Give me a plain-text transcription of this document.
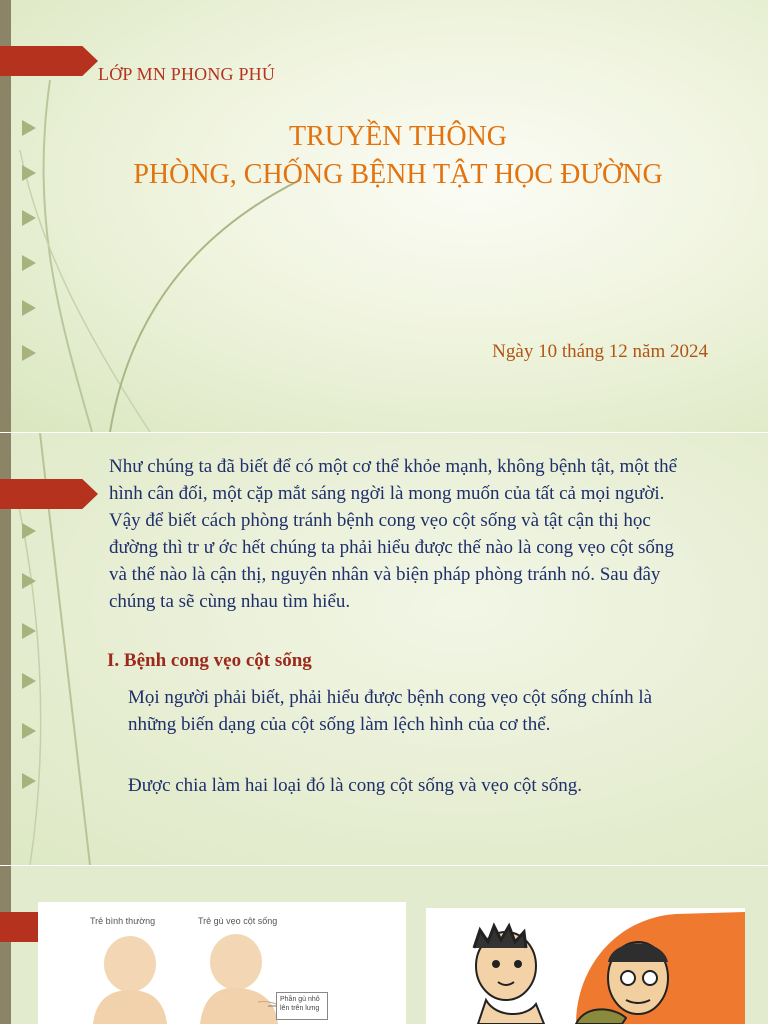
LỚP MN PHONG PHÚ
TRUYỀN THÔNG
PHÒNG, CHỐNG BỆNH TẬT HỌC ĐƯỜNG
Ngày 10 tháng 12 năm 2024
Như chúng ta đã biết để có một cơ thể khỏe mạnh, không bệnh tật, một thể hình cân đối, một cặp mắt sáng ngời là mong muốn của tất cả mọi người. Vậy để biết cách phòng tránh bệnh cong vẹo cột sống và tật cận thị học đường thì tr ư ớc hết chúng ta phải hiểu được thế nào là cong vẹo cột sống và thế nào là cận thị, nguyên nhân và biện pháp phòng tránh nó. Sau đây chúng ta sẽ cùng nhau tìm hiểu.
I. Bệnh cong vẹo cột sống
Mọi người phải biết, phải hiểu được bệnh cong vẹo cột sống chính là những biến dạng của cột sống làm lệch hình của cơ thể.
Được chia làm hai loại đó là cong cột sống và vẹo cột sống.
Trẻ bình thường	Trẻ gù vẹo cột sống
Phần gù nhô lên trên lưng
